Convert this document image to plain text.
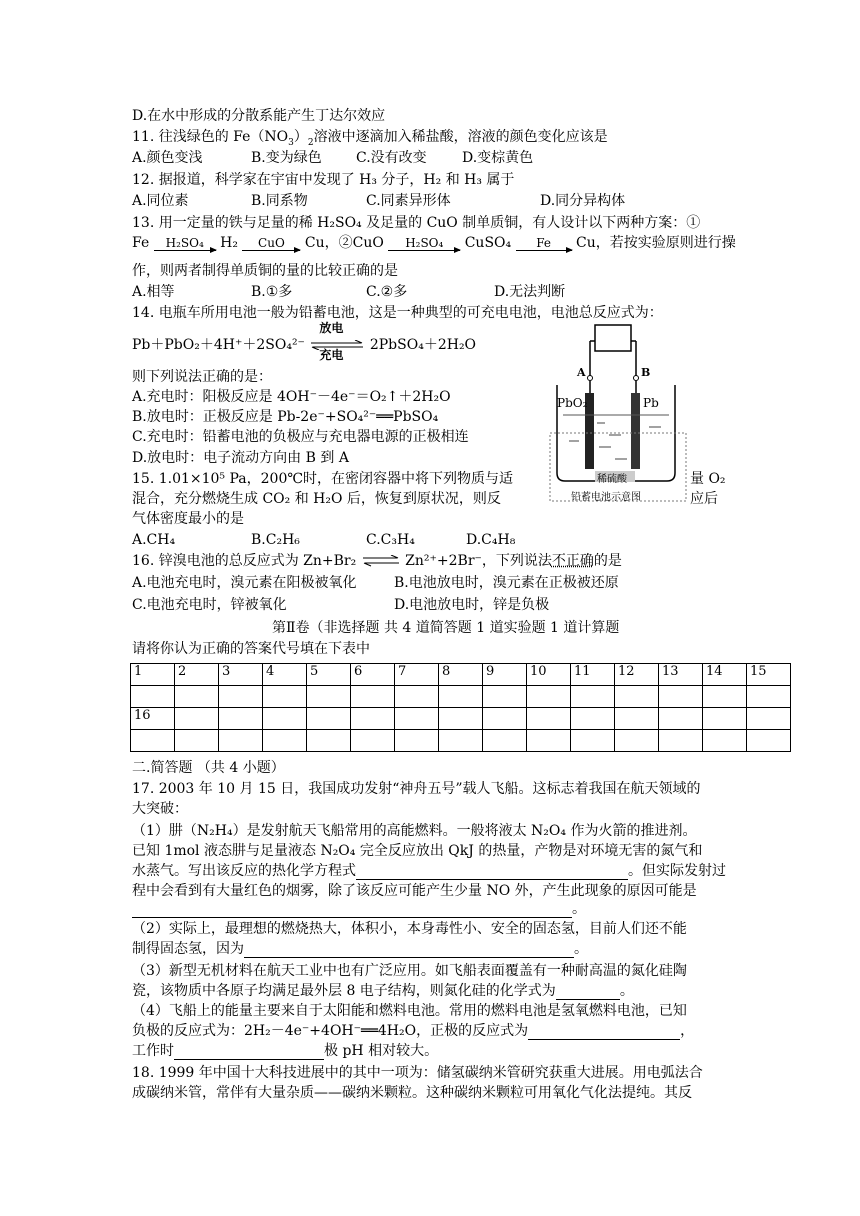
D.在水中形成的分散系能产生丁达尔效应
11. 往浅绿色的 $Fe(NO_3)_2$溶液中逐滴加入稀盐酸，溶液的颜色变化应该是
A.颜色变浅	B.变为绿色 C.没有改变	D.变棕黄色
12. 据报道，科学家在宇宙中发现了 H₃ 分子，H₂ 和 H₃ 属于
A.同位素	B.同系物	C.同素异形体	D.同分异构体
13. 用一定量的铁与足量的稀 H₂SO₄ 及足量的 CuO 制单质铜，有人设计以下两种方案：①
Fe	H₂SO₄	H₂	CuO	Cu，②CuO	H₂SO₄	CuSO₄	Fe	Cu，若按实验原则进行操
作，则两者制得单质铜的量的比较正确的是
A.相等	B.①多	C.②多	D.无法判断
14. 电瓶车所用电池一般为铅蓄电池，这是一种典型的可充电电池，电池总反应式为：
Pb＋PbO₂＋4H⁺＋2SO₄²⁻
放电
充电
2PbSO₄＋2H₂O
则下列说法正确的是：
A.充电时：阳极反应是 4OH⁻－4e⁻＝O₂↑＋2H₂O
B.放电时：正极反应是 Pb-2e⁻+SO₄²⁻══PbSO₄
C.充电时：铅蓄电池的负极应与充电器电源的正极相连
D.放电时：电子流动方向由 B 到 A
A	B
PbO₂	Pb
稀硫酸
铅蓄电池示意图
15. 1.01×10⁵ Pa，200℃时，在密闭容器中将下列物质与适	量 O₂
混合，充分燃烧生成 CO₂ 和 H₂O 后，恢复到原状况，则反	应后
气体密度最小的是
A.CH₄	B.C₂H₆	C.C₃H₄	D.C₄H₈
16. 锌溴电池的总反应式为 Zn+Br₂ ⇌ Zn²⁺+2Br⁻，下列说法不正确的是
A.电池充电时，溴元素在阳极被氧化	B.电池放电时，溴元素在正极被还原
C.电池充电时，锌被氧化	D.电池放电时，锌是负极
第Ⅱ卷（非选择题 共 4 道简答题 1 道实验题 1 道计算题
请将你认为正确的答案代号填在下表中
1	2	3	4	5	6	7	8	9	10	11	12	13	14	15

16														

二.简答题 （共 4 小题）
17. 2003 年 10 月 15 日，我国成功发射“神舟五号”载人飞船。这标志着我国在航天领域的
大突破：
（1）肼（N₂H₄）是发射航天飞船常用的高能燃料。一般将液太 N₂O₄ 作为火箭的推进剂。
已知 1mol 液态肼与足量液态 N₂O₄ 完全反应放出 QkJ 的热量，产物是对环境无害的氮气和
水蒸气。写出该反应的热化学方程式	。但实际发射过
程中会看到有大量红色的烟雾，除了该反应可能产生少量 NO 外，产生此现象的原因可能是
。
（2）实际上，最理想的燃烧热大，体积小，本身毒性小、安全的固态氢，目前人们还不能
制得固态氢，因为	。
（3）新型无机材料在航天工业中也有广泛应用。如飞船表面覆盖有一种耐高温的氮化硅陶
瓷，该物质中各原子均满足最外层 8 电子结构，则氮化硅的化学式为	。
（4）飞船上的能量主要来自于太阳能和燃料电池。常用的燃料电池是氢氧燃料电池，已知
负极的反应式为：2H₂－4e⁻+4OH⁻══4H₂O，正极的反应式为	，
工作时	极 pH 相对较大。
18. 1999 年中国十大科技进展中的其中一项为：储氢碳纳米管研究获重大进展。用电弧法合
成碳纳米管，常伴有大量杂质——碳纳米颗粒。这种碳纳米颗粒可用氧化气化法提纯。其反
